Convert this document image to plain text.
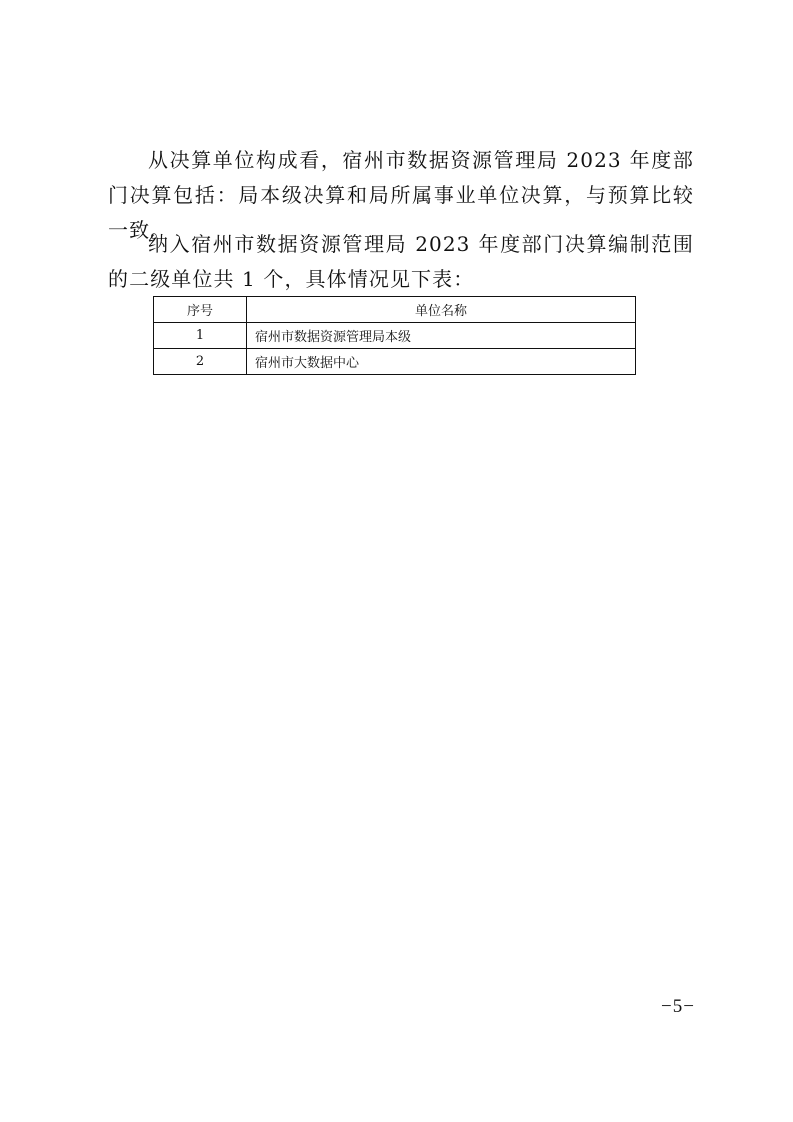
从决算单位构成看，宿州市数据资源管理局 2023 年度部门决算包括：局本级决算和局所属事业单位决算，与预算比较一致。

纳入宿州市数据资源管理局 2023 年度部门决算编制范围的二级单位共 1 个，具体情况见下表：

序号	单位名称
1	宿州市数据资源管理局本级
2	宿州市大数据中心
−5−
